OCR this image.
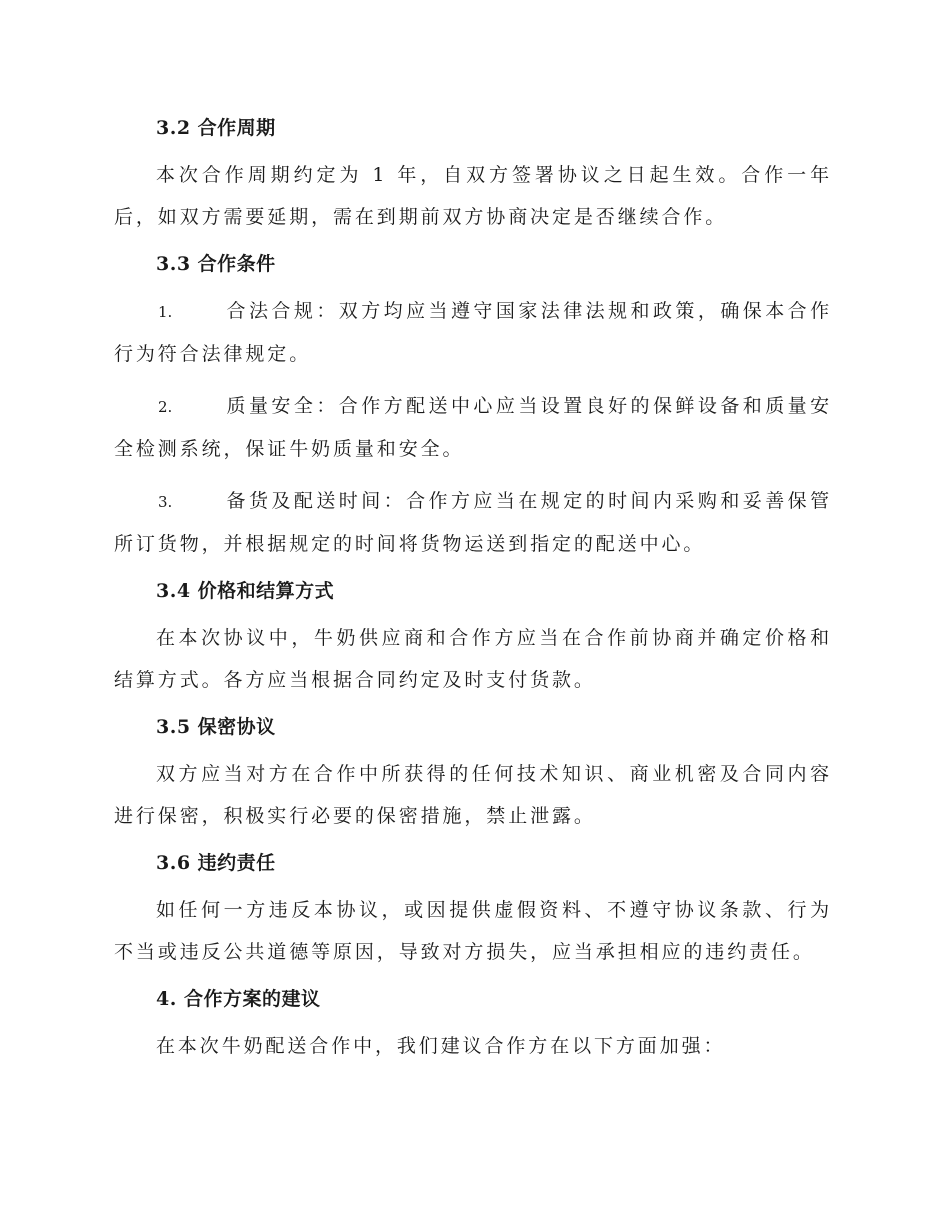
3.2 合作周期
本次合作周期约定为 1 年，自双方签署协议之日起生效。合作一年后，如双方需要延期，需在到期前双方协商决定是否继续合作。
3.3 合作条件
1.	合法合规：双方均应当遵守国家法律法规和政策，确保本合作行为符合法律规定。
2.	质量安全：合作方配送中心应当设置良好的保鲜设备和质量安全检测系统，保证牛奶质量和安全。
3.	备货及配送时间：合作方应当在规定的时间内采购和妥善保管所订货物，并根据规定的时间将货物运送到指定的配送中心。
3.4 价格和结算方式
在本次协议中，牛奶供应商和合作方应当在合作前协商并确定价格和结算方式。各方应当根据合同约定及时支付货款。
3.5 保密协议
双方应当对方在合作中所获得的任何技术知识、商业机密及合同内容进行保密，积极实行必要的保密措施，禁止泄露。
3.6 违约责任
如任何一方违反本协议，或因提供虚假资料、不遵守协议条款、行为不当或违反公共道德等原因，导致对方损失，应当承担相应的违约责任。
4. 合作方案的建议
在本次牛奶配送合作中，我们建议合作方在以下方面加强：
